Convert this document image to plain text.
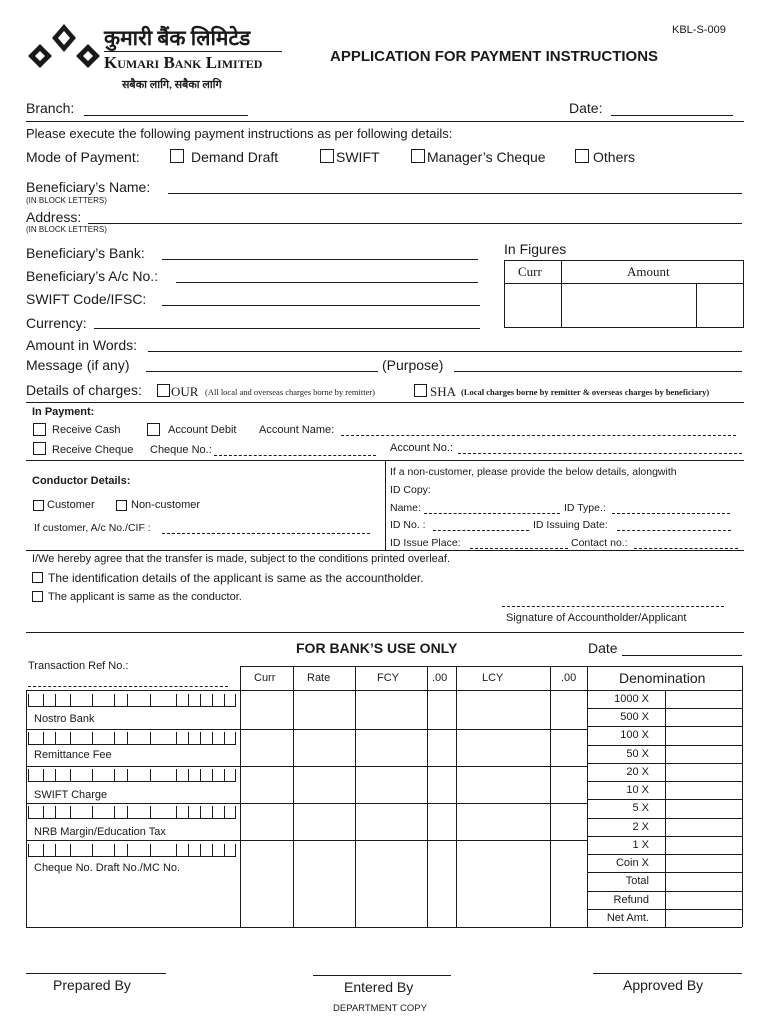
कुमारी बैंक लिमिटेड
Kumari Bank Limited
सबैका लागि, सबैका लागि
KBL-S-009
APPLICATION FOR PAYMENT INSTRUCTIONS
Branch:	Date:
Please execute the following payment instructions as per following details:
Mode of Payment:	Demand Draft	SWIFT	Manager’s Cheque	Others
Beneficiary’s Name:
(IN BLOCK LETTERS)
Address:
(IN BLOCK LETTERS)
Beneficiary’s Bank:
Beneficiary’s A/c No.:
SWIFT Code/IFSC:
Currency:
In Figures
Curr	Amount
Amount in Words:
Message (if any)	(Purpose)
Details of charges: OUR (All local and overseas charges borne by remitter)	SHA (Local charges borne by remitter & overseas charges by beneficiary)
In Payment:
Receive Cash	Account Debit Account Name:
Receive Cheque Cheque No.:	Account No.:
Conductor Details:
Customer	Non-customer
If customer, A/c No./CIF :
If a non-customer, please provide the below details, alongwith
ID Copy:
Name:	ID Type.:
ID No. :	ID Issuing Date:
ID Issue Place:	Contact no.:
I/We hereby agree that the transfer is made, subject to the conditions printed overleaf.
The identification details of the applicant is same as the accountholder.
The applicant is same as the conductor.
Signature of Accountholder/Applicant
FOR BANK’S USE ONLY	Date
Transaction Ref No.:
Curr	Rate	FCY	.00	LCY	.00	Denomination
Nostro Bank
Remittance Fee
SWIFT Charge
NRB Margin/Education Tax
Cheque No. Draft No./MC No.
1000 X
500 X
100 X
50 X
20 X
10 X
5 X
2 X
1 X
Coin X
Total
Refund
Net Amt.
Prepared By	Entered By	Approved By
DEPARTMENT COPY
